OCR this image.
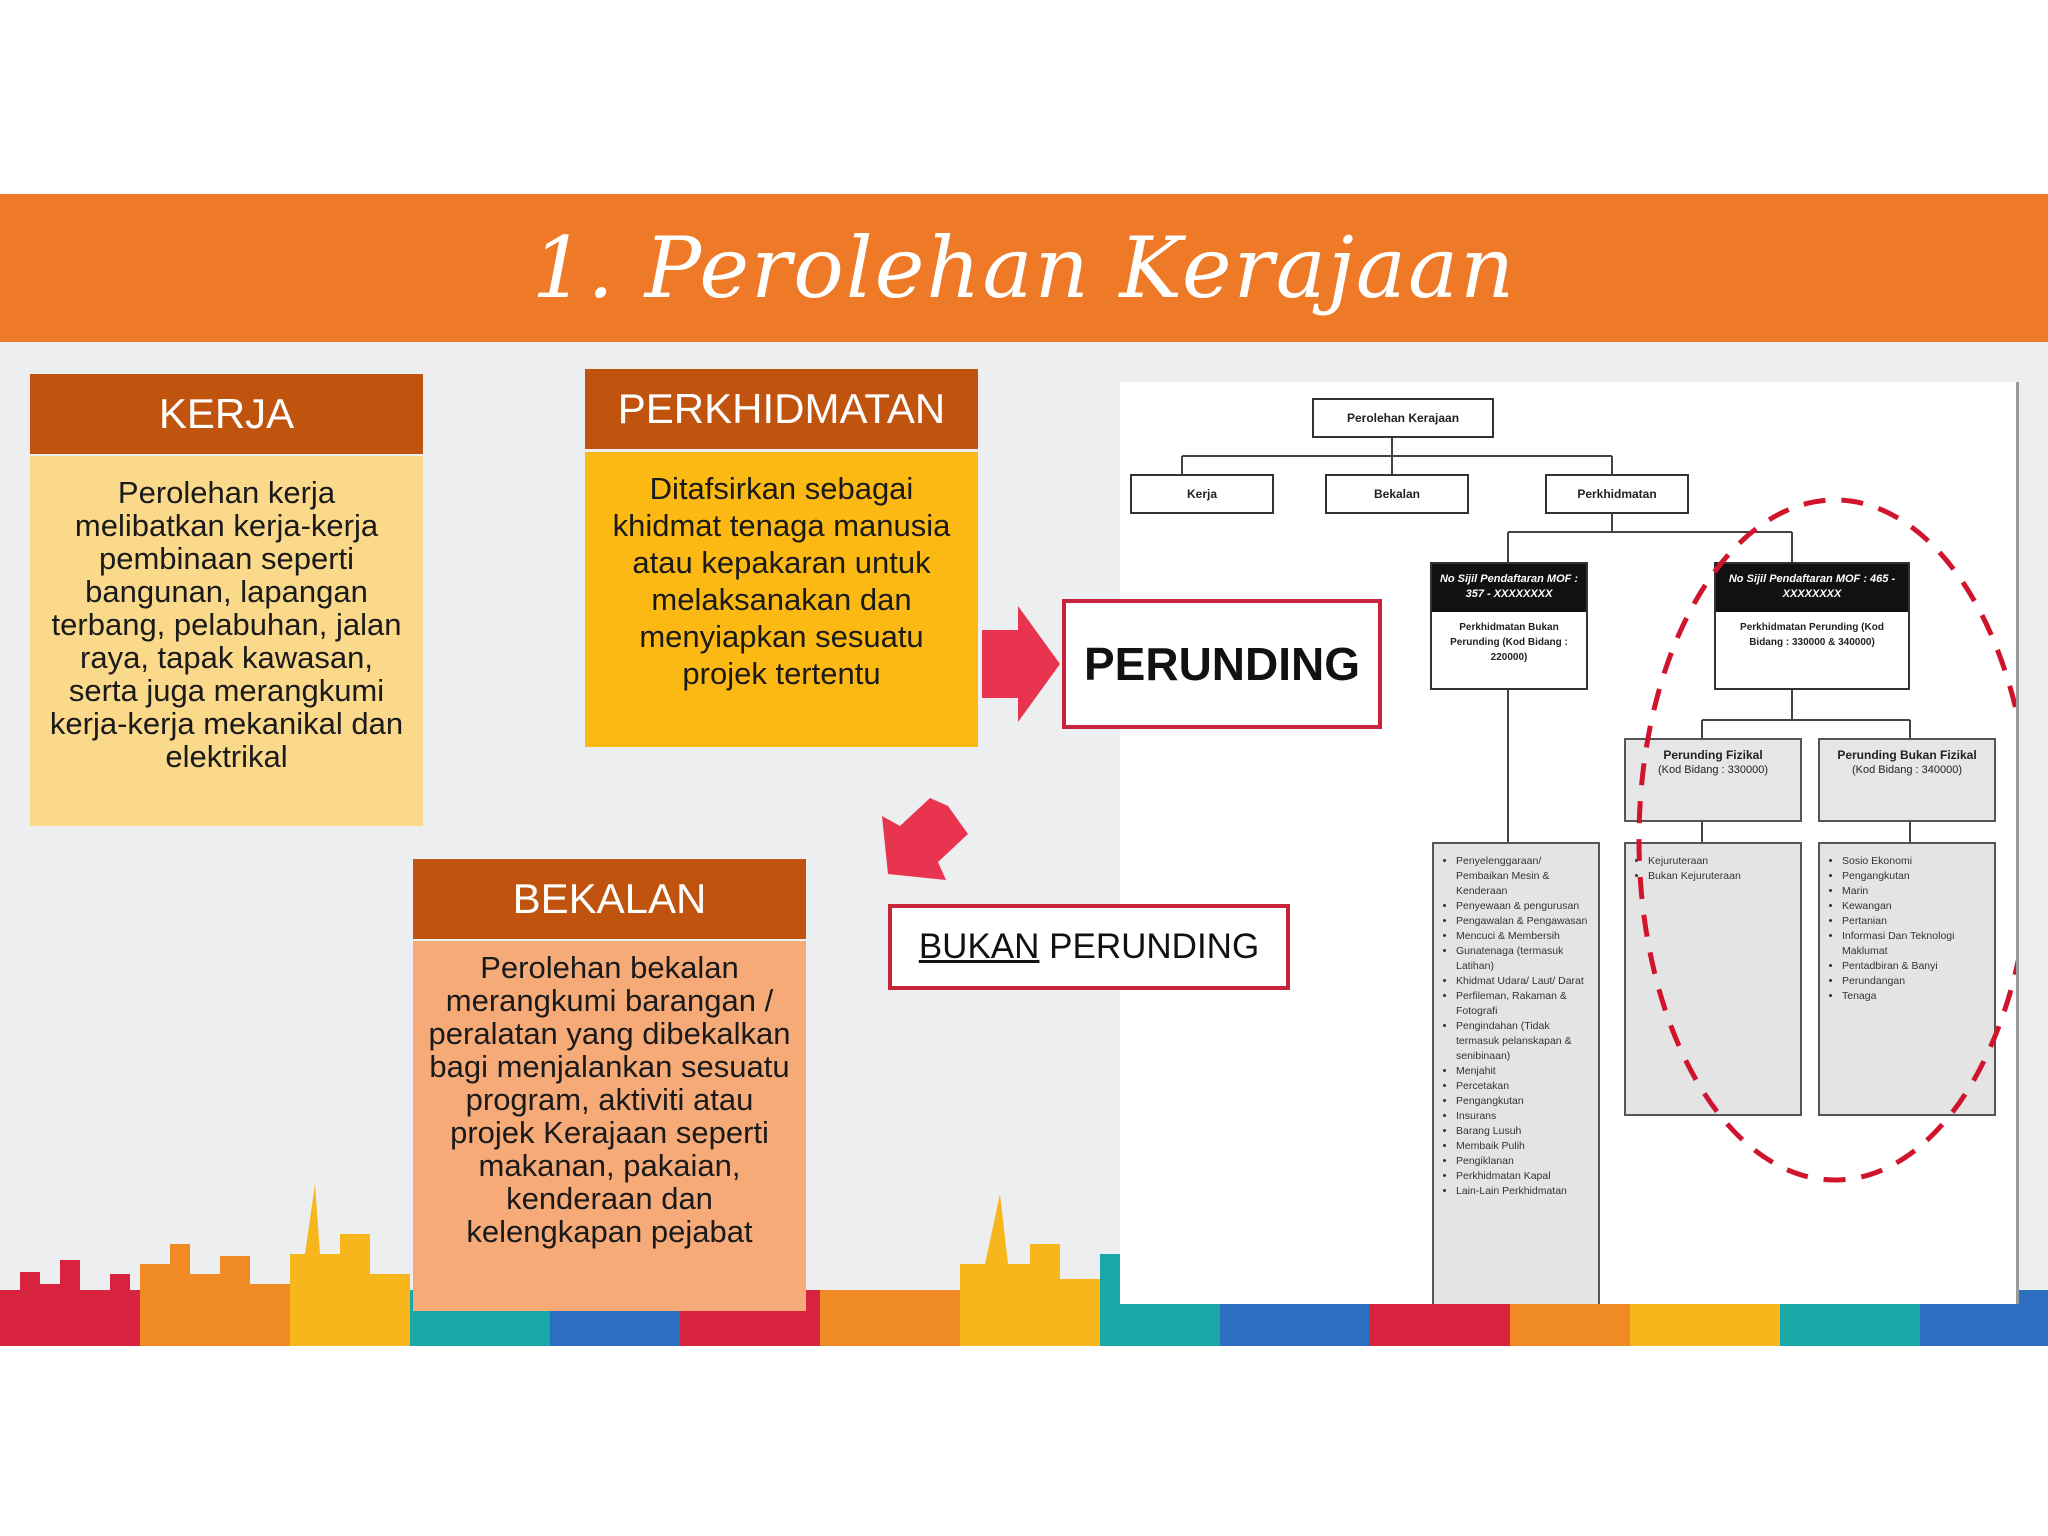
1. Perolehan Kerajaan
KERJA
Perolehan kerja melibatkan kerja-kerja pembinaan seperti bangunan, lapangan terbang, pelabuhan, jalan raya, tapak kawasan, serta juga merangkumi kerja-kerja mekanikal dan elektrikal
PERKHIDMATAN
Ditafsirkan sebagai khidmat tenaga manusia atau kepakaran untuk melaksanakan dan menyiapkan sesuatu projek tertentu
BEKALAN
Perolehan bekalan merangkumi barangan / peralatan yang dibekalkan bagi menjalankan sesuatu program, aktiviti atau projek Kerajaan seperti makanan, pakaian, kenderaan dan kelengkapan pejabat
Perolehan Kerajaan
Kerja	Bekalan	Perkhidmatan
No Sijil Pendaftaran MOF : 357 - XXXXXXXX
Perkhidmatan Bukan Perunding (Kod Bidang : 220000)
No Sijil Pendaftaran MOF : 465 - XXXXXXXX
Perkhidmatan Perunding (Kod Bidang : 330000 & 340000)
Perunding Fizikal
(Kod Bidang : 330000)
Perunding Bukan Fizikal
(Kod Bidang : 340000)
• Penyelenggaraan/ Pembaikan Mesin & Kenderaan
• Penyewaan & pengurusan
• Pengawalan & Pengawasan
• Mencuci & Membersih
• Gunatenaga (termasuk Latihan)
• Khidmat Udara/ Laut/ Darat
• Perfileman, Rakaman & Fotografi
• Pengindahan (Tidak termasuk pelanskapan & senibinaan)
• Menjahit
• Percetakan
• Pengangkutan
• Insurans
• Barang Lusuh
• Membaik Pulih
• Pengiklanan
• Perkhidmatan Kapal
• Lain-Lain Perkhidmatan
• Kejuruteraan
• Bukan Kejuruteraan
• Sosio Ekonomi
• Pengangkutan
• Marin
• Kewangan
• Pertanian
• Informasi Dan Teknologi Maklumat
• Pentadbiran & Banyi
• Perundangan
• Tenaga
PERUNDING
BUKAN PERUNDING
